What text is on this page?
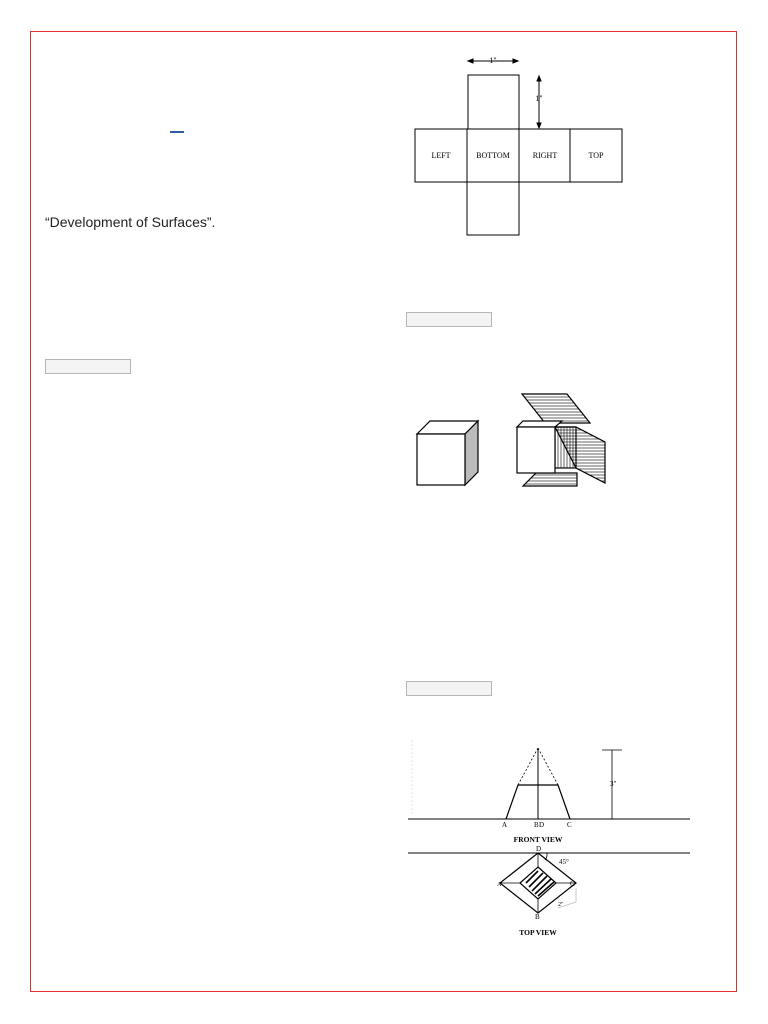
“Development of Surfaces”.
1"
1"
LEFT	BOTTOM	RIGHT	TOP
3"
A	B D	C
FRONT VIEW
D
45°
A	C
B
2"
TOP VIEW
